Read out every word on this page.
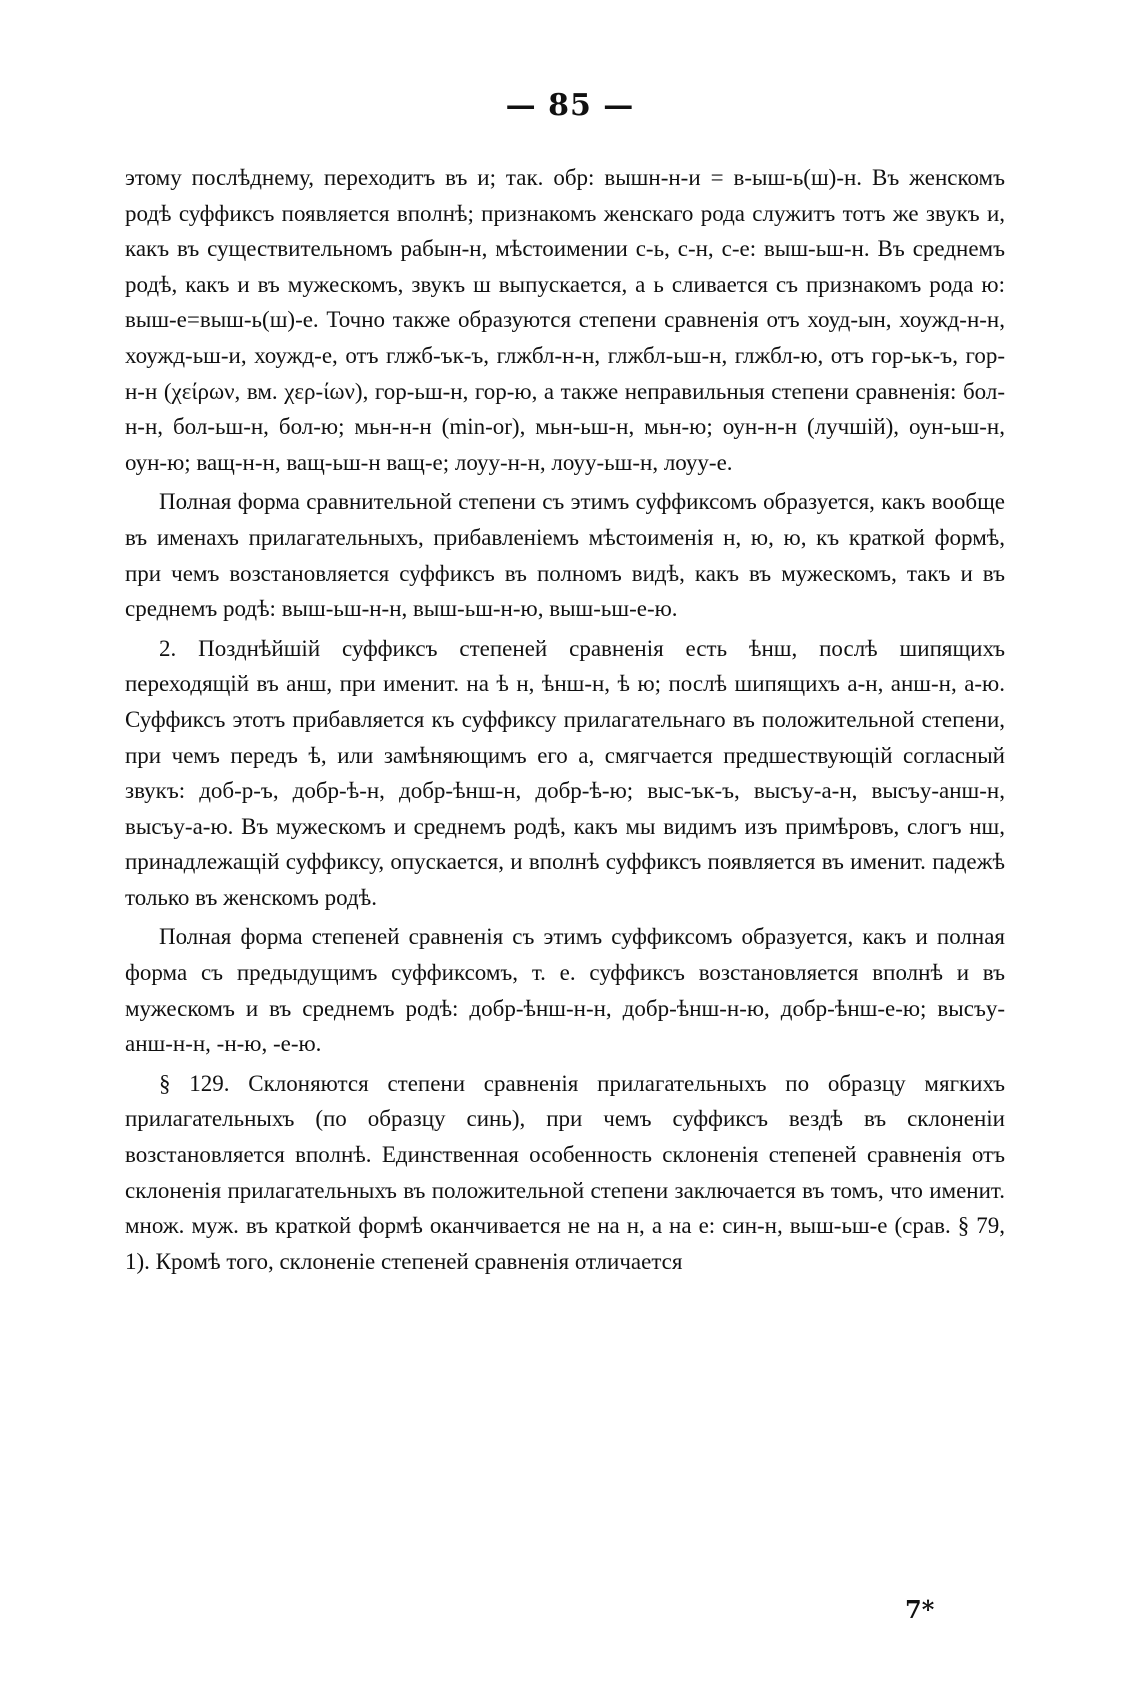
— 85 —

этому послѣднему, переходитъ въ и; так. обр: вышн-н-и = в-ыш-ь(ш)-н. Въ женскомъ родѣ суффиксъ появляется вполнѣ; признакомъ женскаго рода служитъ тотъ же звукъ и, какъ въ существительномъ рабын-н, мѣстоимении с-ь, с-н, с-е: выш-ьш-н. Въ среднемъ родѣ, какъ и въ мужескомъ, звукъ ш выпускается, а ь сливается съ признакомъ рода ю: выш-е=выш-ь(ш)-е. Точно также образуются степени сравненія отъ хоуд-ын, хоужд-н-н, хоужд-ьш-и, хоужд-е, отъ глжб-ък-ъ, глжбл-н-н, глжбл-ьш-н, глжбл-ю, отъ гор-ьк-ъ, гор-н-н (χείρων, вм. χερ-ίων), гор-ьш-н, гор-ю, а также неправильныя степени сравненія: бол-н-н, бол-ьш-н, бол-ю; мьн-н-н (min-or), мьн-ьш-н, мьн-ю; оун-н-н (лучшій), оун-ьш-н, оун-ю; ващ-н-н, ващ-ьш-н ващ-е; лоуу-н-н, лоуу-ьш-н, лоуу-е.

Полная форма сравнительной степени съ этимъ суффиксомъ образуется, какъ вообще въ именахъ прилагательныхъ, прибавленіемъ мѣстоименія н, ю, ю, къ краткой формѣ, при чемъ возстановляется суффиксъ въ полномъ видѣ, какъ въ мужескомъ, такъ и въ среднемъ родѣ: выш-ьш-н-н, выш-ьш-н-ю, выш-ьш-е-ю.

2. Позднѣйшій суффиксъ степеней сравненія есть ѣнш, послѣ шипящихъ переходящій въ анш, при именит. на ѣ н, ѣнш-н, ѣ ю; послѣ шипящихъ а-н, анш-н, а-ю. Суффиксъ этотъ прибавляется къ суффиксу прилагательнаго въ положительной степени, при чемъ передъ ѣ, или замѣняющимъ его а, смягчается предшествующій согласный звукъ: доб-р-ъ, добр-ѣ-н, добр-ѣнш-н, добр-ѣ-ю; выс-ък-ъ, высъу-а-н, высъу-анш-н, высъу-а-ю. Въ мужескомъ и среднемъ родѣ, какъ мы видимъ изъ примѣровъ, слогъ нш, принадлежащій суффиксу, опускается, и вполнѣ суффиксъ появляется въ именит. падежѣ только въ женскомъ родѣ.

Полная форма степеней сравненія съ этимъ суффиксомъ образуется, какъ и полная форма съ предыдущимъ суффиксомъ, т. е. суффиксъ возстановляется вполнѣ и въ мужескомъ и въ среднемъ родѣ: добр-ѣнш-н-н, добр-ѣнш-н-ю, добр-ѣнш-е-ю; высъу-анш-н-н, -н-ю, -е-ю.

§ 129. Склоняются степени сравненія прилагательныхъ по образцу мягкихъ прилагательныхъ (по образцу синь), при чемъ суффиксъ вездѣ въ склоненіи возстановляется вполнѣ. Единственная особенность склоненія степеней сравненія отъ склоненія прилагательныхъ въ положительной степени заключается въ томъ, что именит. множ. муж. въ краткой формѣ оканчивается не на н, а на е: син-н, выш-ьш-е (срав. § 79, 1). Кромѣ того, склоненіе степеней сравненія отличается

7*
